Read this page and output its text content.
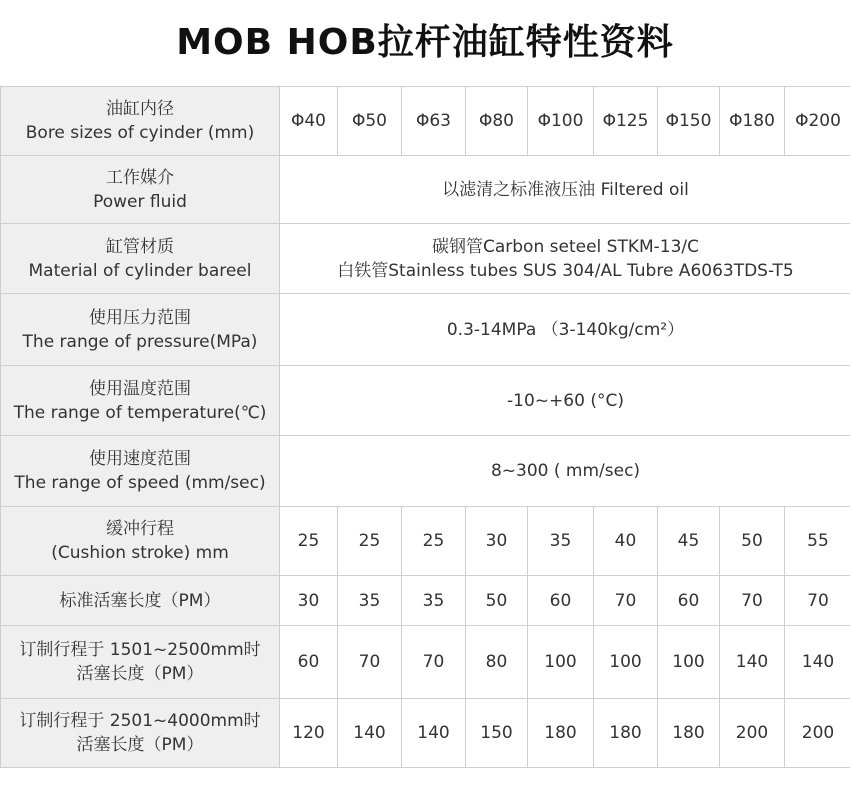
MOB HOB拉杆油缸特性资料
油缸内径
Bore sizes of cyinder (mm)	Φ40	Φ50	Φ63	Φ80	Φ100	Φ125	Φ150	Φ180	Φ200

工作媒介
Power fluid	以滤清之标准液压油 Filtered oil								

缸管材质
Material of cylinder bareel	碳钢管Carbon seteel STKM-13/C
白铁管Stainless tubes SUS 304/AL Tubre A6063TDS-T5								

使用压力范围
The range of pressure(MPa)	0.3-14MPa （3-140kg/cm²）								

使用温度范围
The range of temperature(℃)	-10~+60 (°C)								

使用速度范围
The range of speed (mm/sec)	8~300 ( mm/sec)								

缓冲行程
(Cushion stroke) mm	25	25	25	30	35	40	45	50	55

标准活塞长度（PM）	30	35	35	50	60	70	60	70	70

订制行程于 1501~2500mm时
活塞长度（PM）	60	70	70	80	100	100	100	140	140

订制行程于 2501~4000mm时
活塞长度（PM）	120	140	140	150	180	180	180	200	200
